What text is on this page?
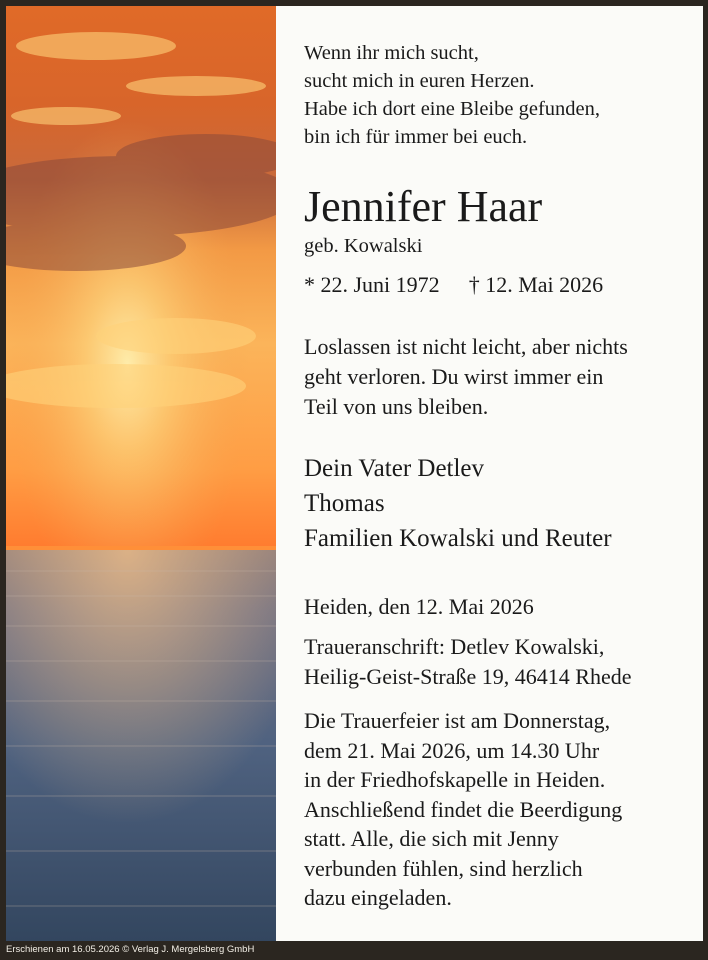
Wenn ihr mich sucht,
sucht mich in euren Herzen.
Habe ich dort eine Bleibe gefunden,
bin ich für immer bei euch.
Jennifer Haar
geb. Kowalski
* 22. Juni 1972 † 12. Mai 2026
Loslassen ist nicht leicht, aber nichts
geht verloren. Du wirst immer ein
Teil von uns bleiben.
Dein Vater Detlev
Thomas
Familien Kowalski und Reuter
Heiden, den 12. Mai 2026
Traueranschrift: Detlev Kowalski,
Heilig-Geist-Straße 19, 46414 Rhede
Die Trauerfeier ist am Donnerstag,
dem 21. Mai 2026, um 14.30 Uhr
in der Friedhofskapelle in Heiden.
Anschließend findet die Beerdigung
statt. Alle, die sich mit Jenny
verbunden fühlen, sind herzlich
dazu eingeladen.
Erschienen am 16.05.2026 © Verlag J. Mergelsberg GmbH
